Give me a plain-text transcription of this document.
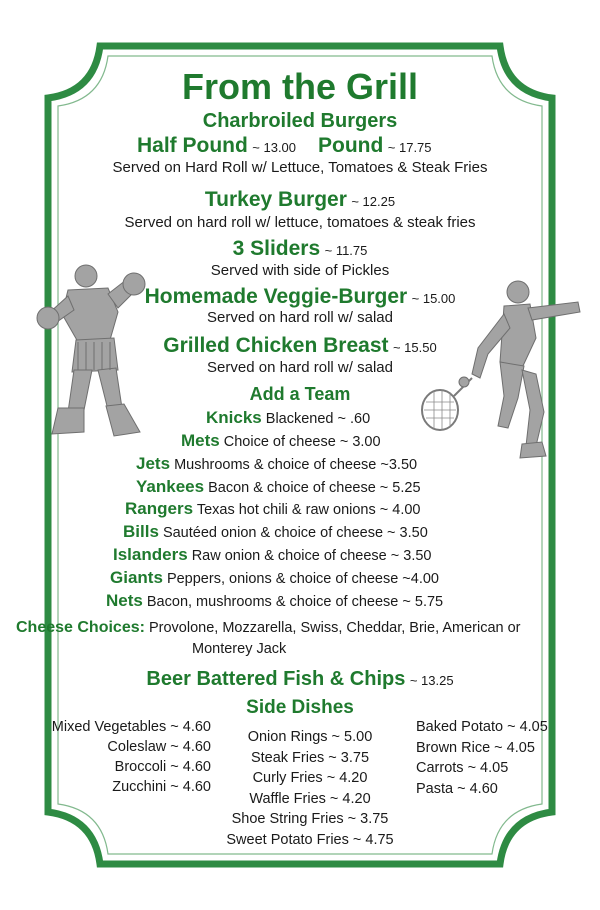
From the Grill
Charbroiled Burgers
Half Pound ~ 13.00 Pound ~ 17.75
Served on Hard Roll w/ Lettuce, Tomatoes & Steak Fries
Turkey Burger ~ 12.25
Served on hard roll w/ lettuce, tomatoes & steak fries
3 Sliders ~ 11.75
Served with side of Pickles
Homemade Veggie-Burger ~ 15.00
Served on hard roll w/ salad
Grilled Chicken Breast ~ 15.50
Served on hard roll w/ salad
Add a Team
Knicks Blackened ~ .60
Mets Choice of cheese ~ 3.00
Jets Mushrooms & choice of cheese ~3.50
Yankees Bacon & choice of cheese ~ 5.25
Rangers Texas hot chili & raw onions ~ 4.00
Bills Sautéed onion & choice of cheese ~ 3.50
Islanders Raw onion & choice of cheese ~ 3.50
Giants Peppers, onions & choice of cheese ~4.00
Nets Bacon, mushrooms & choice of cheese ~ 5.75
Cheese Choices: Provolone, Mozzarella, Swiss, Cheddar, Brie, American or
Monterey Jack
Beer Battered Fish & Chips ~ 13.25
Side Dishes
Mixed Vegetables ~ 4.60
Coleslaw ~ 4.60
Broccoli ~ 4.60
Zucchini ~ 4.60
Onion Rings ~ 5.00
Steak Fries ~ 3.75
Curly Fries ~ 4.20
Waffle Fries ~ 4.20
Shoe String Fries ~ 3.75
Sweet Potato Fries ~ 4.75
Baked Potato ~ 4.05
Brown Rice ~ 4.05
Carrots ~ 4.05
Pasta ~ 4.60
